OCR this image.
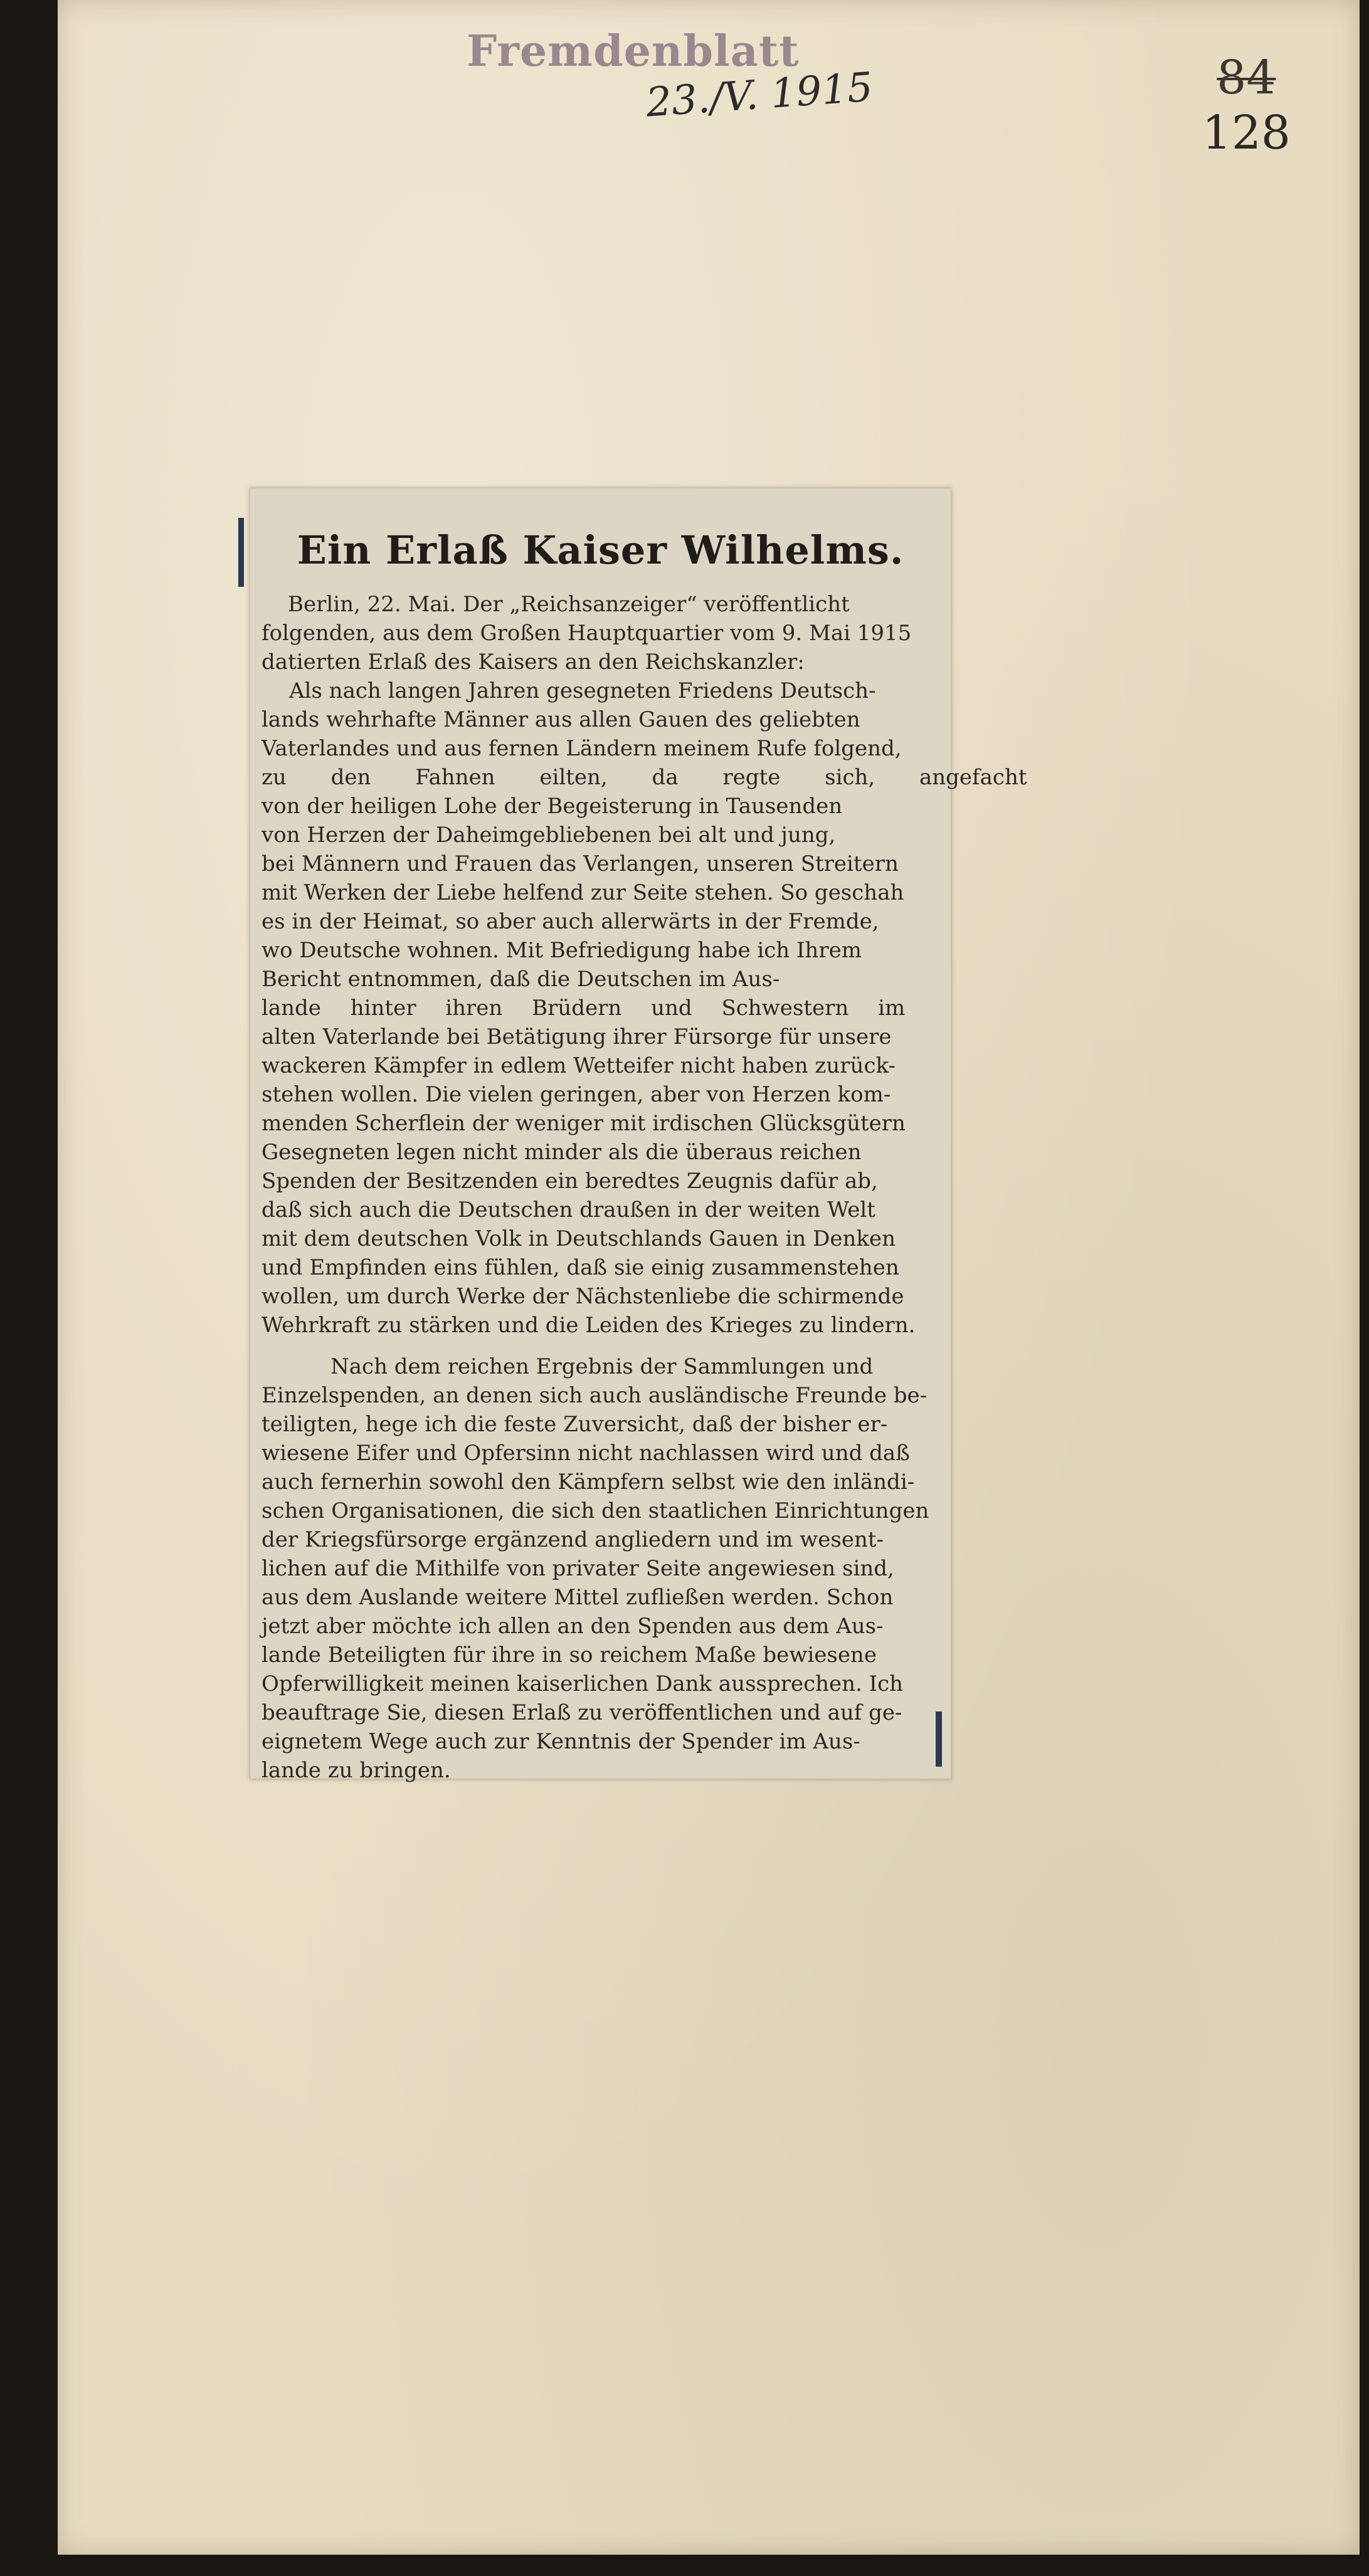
Fremdenblatt
23./V. 1915	84
128
Ein Erlaß Kaiser Wilhelms.
Berlin, 22. Mai. Der „Reichsanzeiger“ veröffentlicht
folgenden, aus dem Großen Hauptquartier vom 9. Mai 1915
datierten Erlaß des Kaisers an den Reichskanzler:
Als nach langen Jahren gesegneten Friedens Deutsch-
lands wehrhafte Männer aus allen Gauen des geliebten
Vaterlandes und aus fernen Ländern meinem Rufe folgend,
zu den Fahnen eilten, da regte sich, angefacht
von der heiligen Lohe der Begeisterung in Tausenden
von Herzen der Daheimgebliebenen bei alt und jung,
bei Männern und Frauen das Verlangen, unseren Streitern
mit Werken der Liebe helfend zur Seite stehen. So geschah
es in der Heimat, so aber auch allerwärts in der Fremde,
wo Deutsche wohnen. Mit Befriedigung habe ich Ihrem
Bericht entnommen, daß die Deutschen im Aus-
lande hinter ihren Brüdern und Schwestern im
alten Vaterlande bei Betätigung ihrer Fürsorge für unsere
wackeren Kämpfer in edlem Wetteifer nicht haben zurück-
stehen wollen. Die vielen geringen, aber von Herzen kom-
menden Scherflein der weniger mit irdischen Glücksgütern
Gesegneten legen nicht minder als die überaus reichen
Spenden der Besitzenden ein beredtes Zeugnis dafür ab,
daß sich auch die Deutschen draußen in der weiten Welt
mit dem deutschen Volk in Deutschlands Gauen in Denken
und Empfinden eins fühlen, daß sie einig zusammenstehen
wollen, um durch Werke der Nächstenliebe die schirmende
Wehrkraft zu stärken und die Leiden des Krieges zu lindern.
Nach dem reichen Ergebnis der Sammlungen und
Einzelspenden, an denen sich auch ausländische Freunde be-
teiligten, hege ich die feste Zuversicht, daß der bisher er-
wiesene Eifer und Opfersinn nicht nachlassen wird und daß
auch fernerhin sowohl den Kämpfern selbst wie den inländi-
schen Organisationen, die sich den staatlichen Einrichtungen
der Kriegsfürsorge ergänzend angliedern und im wesent-
lichen auf die Mithilfe von privater Seite angewiesen sind,
aus dem Auslande weitere Mittel zufließen werden. Schon
jetzt aber möchte ich allen an den Spenden aus dem Aus-
lande Beteiligten für ihre in so reichem Maße bewiesene
Opferwilligkeit meinen kaiserlichen Dank aussprechen. Ich
beauftrage Sie, diesen Erlaß zu veröffentlichen und auf ge-
eignetem Wege auch zur Kenntnis der Spender im Aus-
lande zu bringen.
